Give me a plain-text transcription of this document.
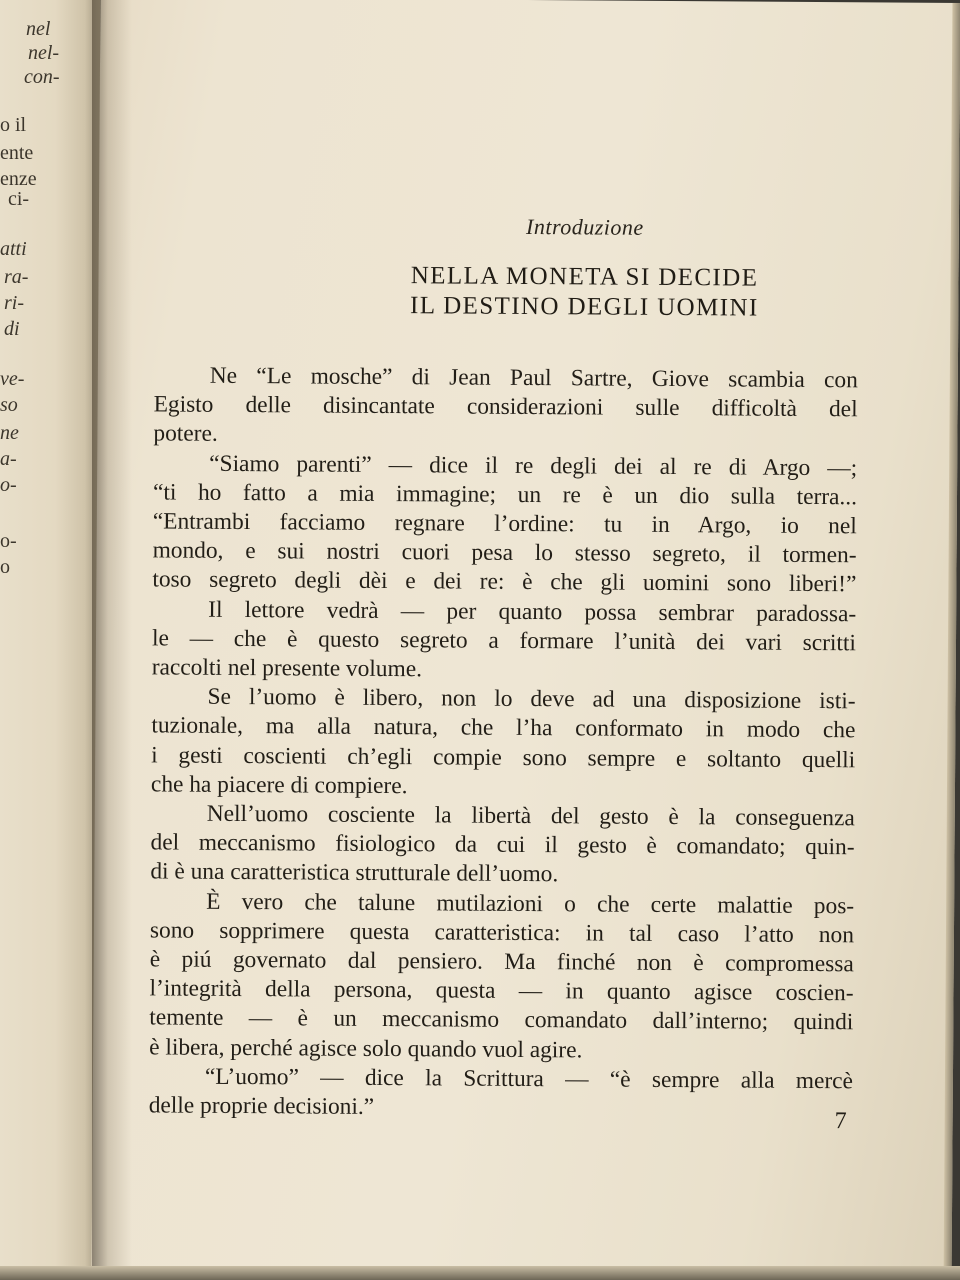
nel
nel-
con-
o il
ente
enze
ci-
atti
ra-
ri-
di
ve-
so
ne
a-
o-
o-
o
Introduzione
NELLA MONETA SI DECIDE
IL DESTINO DEGLI UOMINI
Ne “Le mosche” di Jean Paul Sartre, Giove scambia con
Egisto delle disincantate considerazioni sulle difficoltà del
potere.
“Siamo parenti” — dice il re degli dei al re di Argo —;
“ti ho fatto a mia immagine; un re è un dio sulla terra...
“Entrambi facciamo regnare l’ordine: tu in Argo, io nel
mondo, e sui nostri cuori pesa lo stesso segreto, il tormen-
toso segreto degli dèi e dei re: è che gli uomini sono liberi!”
Il lettore vedrà — per quanto possa sembrar paradossa-
le — che è questo segreto a formare l’unità dei vari scritti
raccolti nel presente volume.
Se l’uomo è libero, non lo deve ad una disposizione isti-
tuzionale, ma alla natura, che l’ha conformato in modo che
i gesti coscienti ch’egli compie sono sempre e soltanto quelli
che ha piacere di compiere.
Nell’uomo cosciente la libertà del gesto è la conseguenza
del meccanismo fisiologico da cui il gesto è comandato; quin-
di è una caratteristica strutturale dell’uomo.
È vero che talune mutilazioni o che certe malattie pos-
sono sopprimere questa caratteristica: in tal caso l’atto non
è piú governato dal pensiero. Ma finché non è compromessa
l’integrità della persona, questa — in quanto agisce coscien-
temente — è un meccanismo comandato dall’interno; quindi
è libera, perché agisce solo quando vuol agire.
“L’uomo” — dice la Scrittura — “è sempre alla mercè
delle proprie decisioni.”
7
